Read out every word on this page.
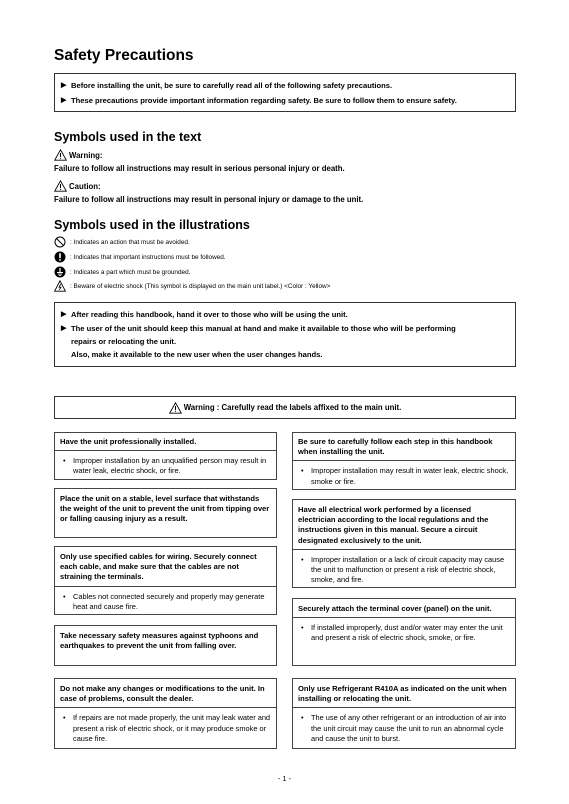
Safety Precautions
▶ Before installing the unit, be sure to carefully read all of the following safety precautions.
▶ These precautions provide important information regarding safety. Be sure to follow them to ensure safety.
Symbols used in the text
Warning:
Failure to follow all instructions may result in serious personal injury or death.
Caution:
Failure to follow all instructions may result in personal injury or damage to the unit.
Symbols used in the illustrations
: Indicates an action that must be avoided.
: Indicates that important instructions must be followed.
: Indicates a part which must be grounded.
: Beware of electric shock (This symbol is displayed on the main unit label.) <Color : Yellow>
▶ After reading this handbook, hand it over to those who will be using the unit.
▶ The user of the unit should keep this manual at hand and make it available to those who will be performing
repairs or relocating the unit.
Also, make it available to the new user when the user changes hands.
Warning : Carefully read the labels affixed to the main unit.
Have the unit professionally installed.
•	Improper installation by an unqualified person may result in water leak, electric shock, or fire.
Place the unit on a stable, level surface that withstands the weight of the unit to prevent the unit from tipping over or falling causing injury as a result.
Only use specified cables for wiring. Securely connect each cable, and make sure that the cables are not straining the terminals.
•	Cables not connected securely and properly may generate heat and cause fire.
Take necessary safety measures against typhoons and earthquakes to prevent the unit from falling over.
Do not make any changes or modifications to the unit. In case of problems, consult the dealer.
•	If repairs are not made properly, the unit may leak water and present a risk of electric shock, or it may produce smoke or cause fire.
Be sure to carefully follow each step in this handbook when installing the unit.
•	Improper installation may result in water leak, electric shock, smoke or fire.
Have all electrical work performed by a licensed electrician according to the local regulations and the instructions given in this manual. Secure a circuit designated exclusively to the unit.
•	Improper installation or a lack of circuit capacity may cause the unit to malfunction or present a risk of electric shock, smoke, and fire.
Securely attach the terminal cover (panel) on the unit.
•	If installed improperly, dust and/or water may enter the unit and present a risk of electric shock, smoke, or fire.
Only use Refrigerant R410A as indicated on the unit when installing or relocating the unit.
•	The use of any other refrigerant or an introduction of air into the unit circuit may cause the unit to run an abnormal cycle and cause the unit to burst.
- 1 -
